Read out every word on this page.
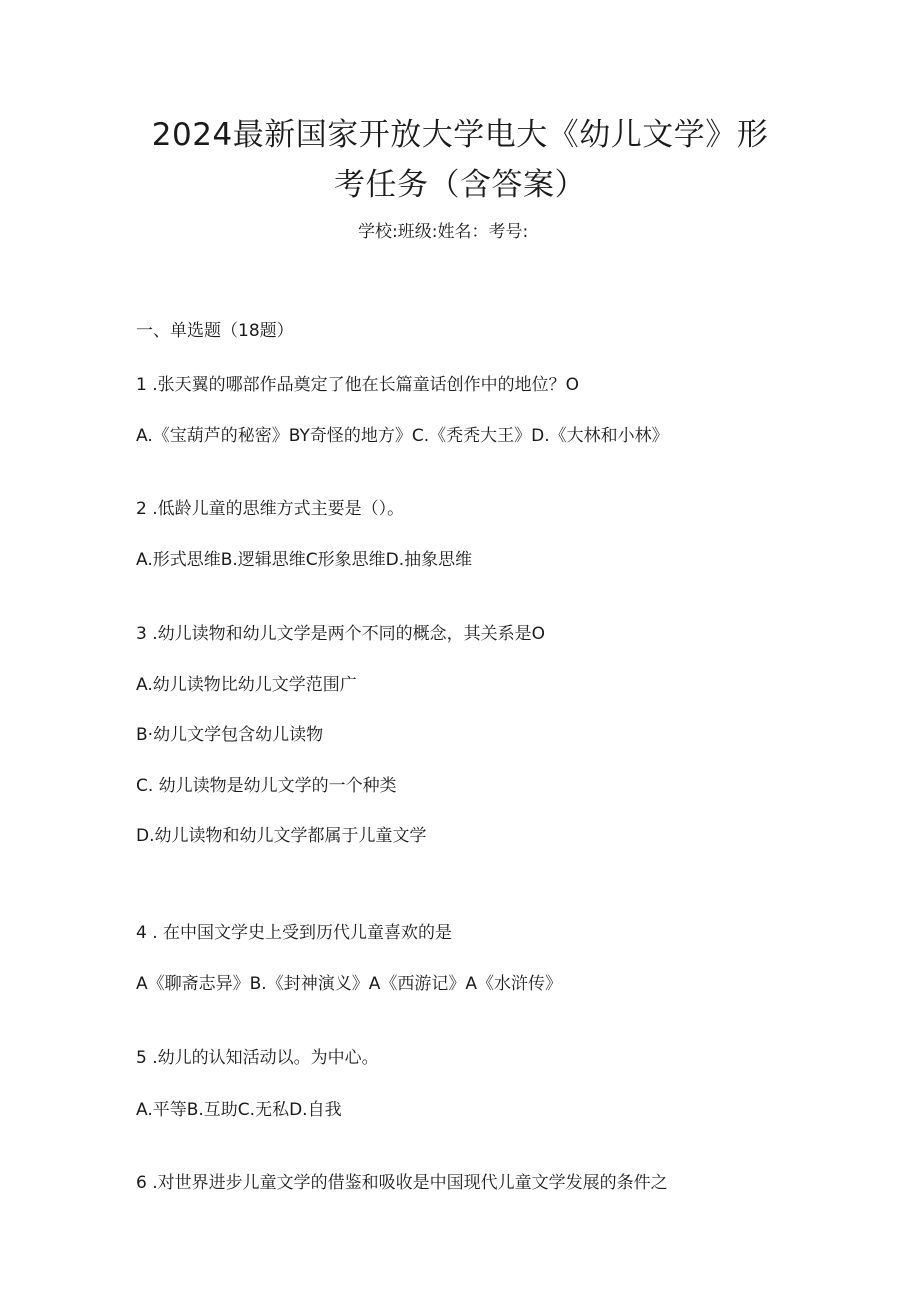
2024最新国家开放大学电大《幼儿文学》形
考任务（含答案）
学校:班级:姓名：考号:
一、单选题（18题）
1 .张天翼的哪部作品奠定了他在长篇童话创作中的地位？O
A.《宝葫芦的秘密》BY奇怪的地方》C.《秃秃大王》D.《大林和小林》
2 .低龄儿童的思维方式主要是（）。
A.形式思维B.逻辑思维C形象思维D.抽象思维
3 .幼儿读物和幼儿文学是两个不同的概念，其关系是O
A.幼儿读物比幼儿文学范围广
B·幼儿文学包含幼儿读物
C. 幼儿读物是幼儿文学的一个种类
D.幼儿读物和幼儿文学都属于儿童文学
4 . 在中国文学史上受到历代儿童喜欢的是
A《聊斋志异》B.《封神演义》A《西游记》A《水浒传》
5 .幼儿的认知活动以。为中心。
A.平等B.互助C.无私D.自我
6 .对世界进步儿童文学的借鉴和吸收是中国现代儿童文学发展的条件之
